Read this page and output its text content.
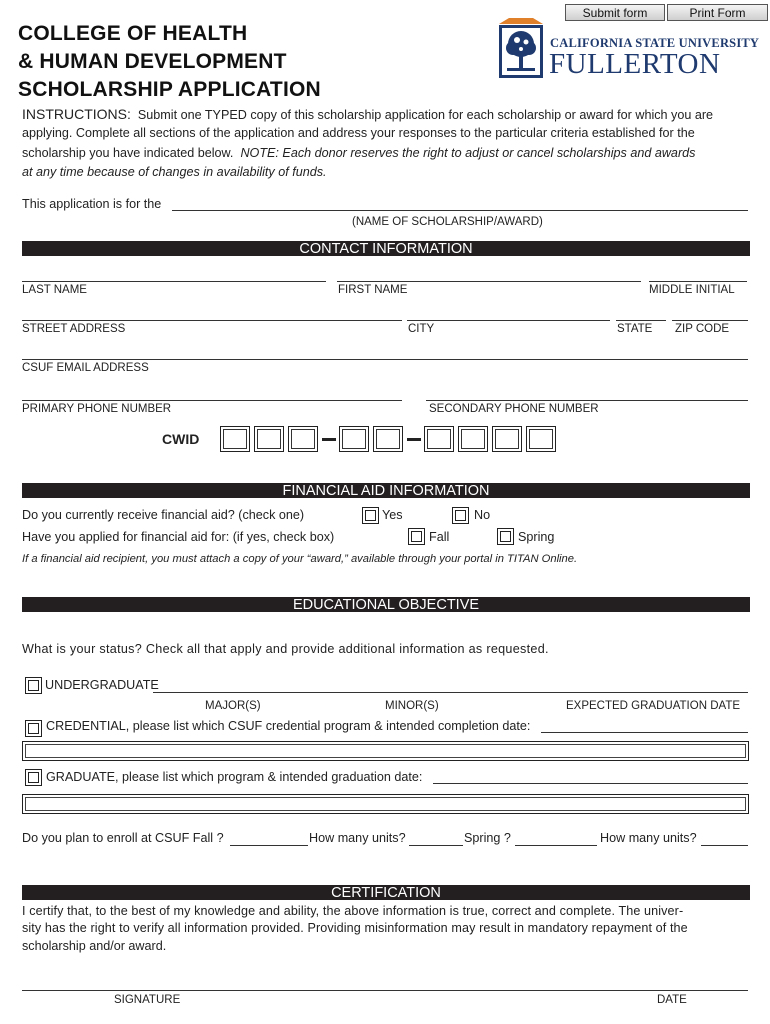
Submit form	Print Form
COLLEGE OF HEALTH
& HUMAN DEVELOPMENT
SCHOLARSHIP APPLICATION
CALIFORNIA STATE UNIVERSITY
FULLERTON
INSTRUCTIONS: Submit one TYPED copy of this scholarship application for each scholarship or award for which you are
applying. Complete all sections of the application and address your responses to the particular criteria established for the
scholarship you have indicated below. NOTE: Each donor reserves the right to adjust or cancel scholarships and awards
at any time because of changes in availability of funds.
This application is for the
(NAME OF SCHOLARSHIP/AWARD)
CONTACT INFORMATION
LAST NAME	FIRST NAME	MIDDLE INITIAL
STREET ADDRESS	CITY	STATE ZIP CODE
CSUF EMAIL ADDRESS
PRIMARY PHONE NUMBER	SECONDARY PHONE NUMBER
CWID
FINANCIAL AID INFORMATION
Do you currently receive financial aid? (check one)	Yes	No
Have you applied for financial aid for: (if yes, check box)	Fall	Spring
If a financial aid recipient, you must attach a copy of your “award,” available through your portal in TITAN Online.
EDUCATIONAL OBJECTIVE
What is your status? Check all that apply and provide additional information as requested.
UNDERGRADUATE
MAJOR(S)	MINOR(S)	EXPECTED GRADUATION DATE
CREDENTIAL, please list which CSUF credential program & intended completion date:
GRADUATE, please list which program & intended graduation date:
Do you plan to enroll at CSUF Fall ?	How many units?	Spring ?	How many units?
CERTIFICATION
I certify that, to the best of my knowledge and ability, the above information is true, correct and complete. The univer-
sity has the right to verify all information provided. Providing misinformation may result in mandatory repayment of the
scholarship and/or award.
SIGNATURE	DATE
